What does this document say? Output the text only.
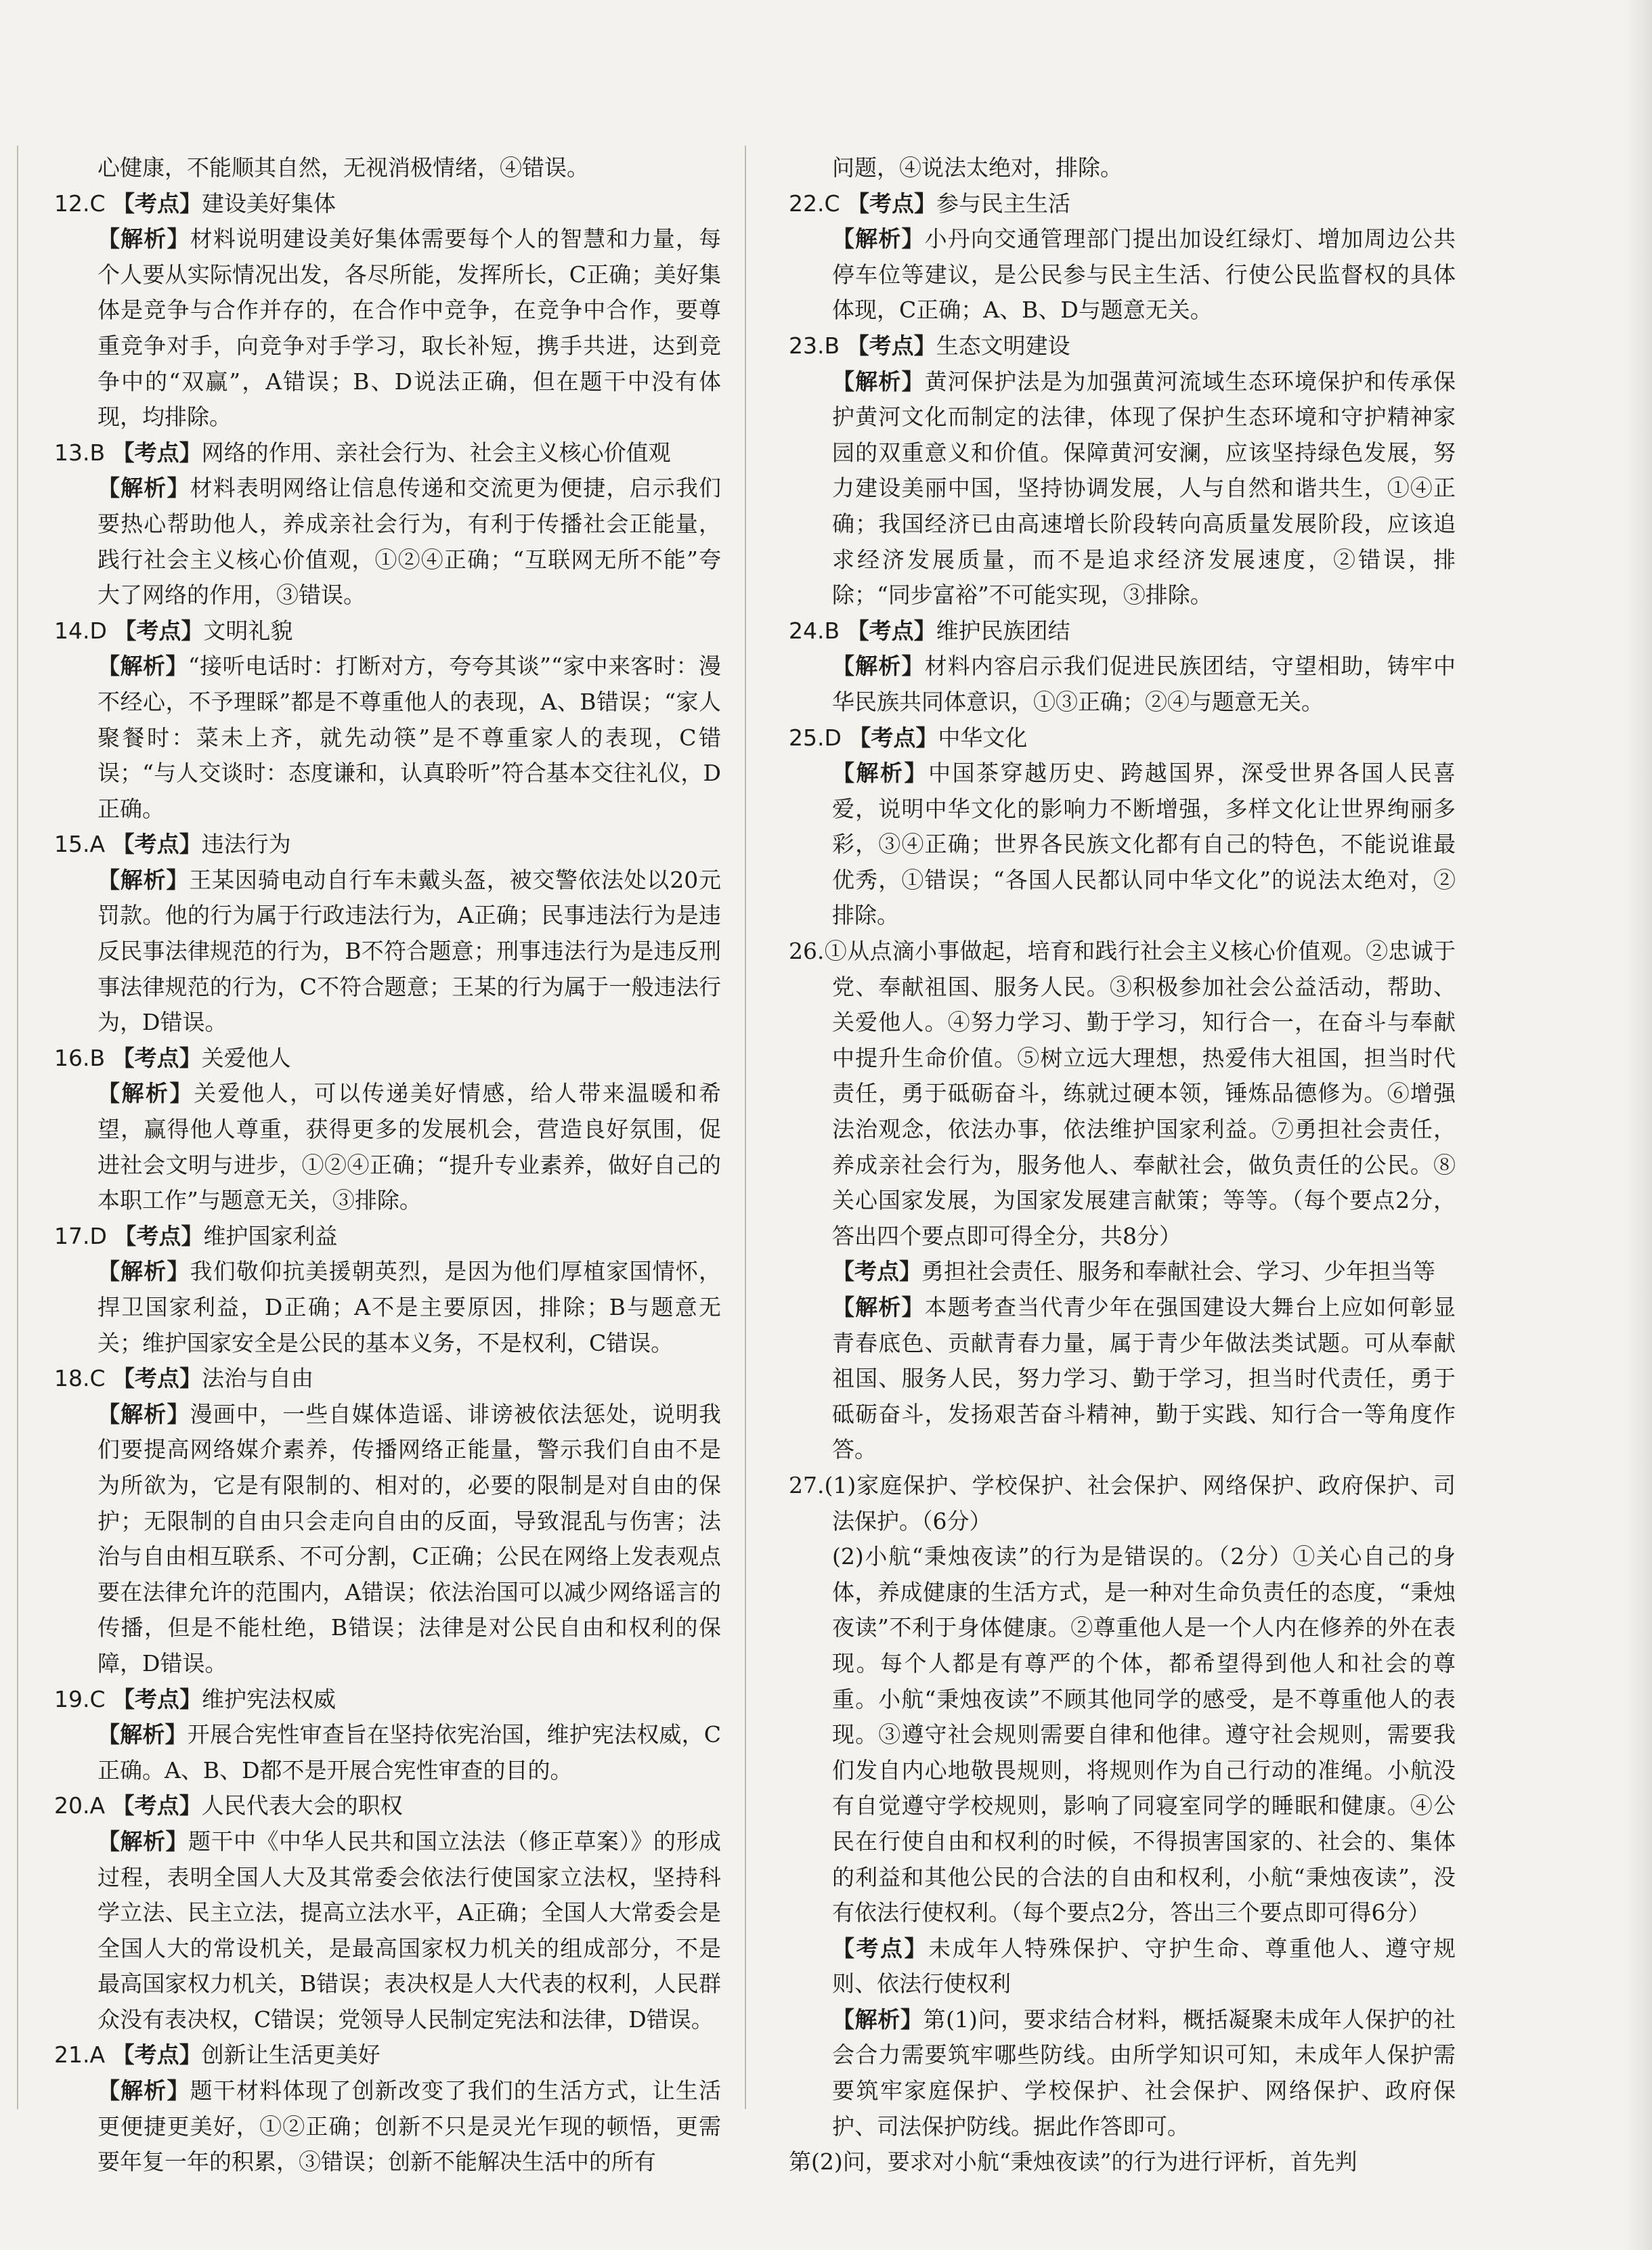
心健康，不能顺其自然，无视消极情绪，④错误。

12.C 【考点】建设美好集体

【解析】材料说明建设美好集体需要每个人的智慧和力量，每个人要从实际情况出发，各尽所能，发挥所长，C正确；美好集体是竞争与合作并存的，在合作中竞争，在竞争中合作，要尊重竞争对手，向竞争对手学习，取长补短，携手共进，达到竞争中的“双赢”，A错误；B、D说法正确，但在题干中没有体现，均排除。

13.B 【考点】网络的作用、亲社会行为、社会主义核心价值观

【解析】材料表明网络让信息传递和交流更为便捷，启示我们要热心帮助他人，养成亲社会行为，有利于传播社会正能量，践行社会主义核心价值观，①②④正确；“互联网无所不能”夸大了网络的作用，③错误。

14.D 【考点】文明礼貌

【解析】“接听电话时：打断对方，夸夸其谈”“家中来客时：漫不经心，不予理睬”都是不尊重他人的表现，A、B错误；“家人聚餐时：菜未上齐，就先动筷”是不尊重家人的表现，C错误；“与人交谈时：态度谦和，认真聆听”符合基本交往礼仪，D正确。

15.A 【考点】违法行为

【解析】王某因骑电动自行车未戴头盔，被交警依法处以20元罚款。他的行为属于行政违法行为，A正确；民事违法行为是违反民事法律规范的行为，B不符合题意；刑事违法行为是违反刑事法律规范的行为，C不符合题意；王某的行为属于一般违法行为，D错误。

16.B 【考点】关爱他人

【解析】关爱他人，可以传递美好情感，给人带来温暖和希望，赢得他人尊重，获得更多的发展机会，营造良好氛围，促进社会文明与进步，①②④正确；“提升专业素养，做好自己的本职工作”与题意无关，③排除。

17.D 【考点】维护国家利益

【解析】我们敬仰抗美援朝英烈，是因为他们厚植家国情怀，捍卫国家利益，D正确；A不是主要原因，排除；B与题意无关；维护国家安全是公民的基本义务，不是权利，C错误。

18.C 【考点】法治与自由

【解析】漫画中，一些自媒体造谣、诽谤被依法惩处，说明我们要提高网络媒介素养，传播网络正能量，警示我们自由不是为所欲为，它是有限制的、相对的，必要的限制是对自由的保护；无限制的自由只会走向自由的反面，导致混乱与伤害；法治与自由相互联系、不可分割，C正确；公民在网络上发表观点要在法律允许的范围内，A错误；依法治国可以减少网络谣言的传播，但是不能杜绝，B错误；法律是对公民自由和权利的保障，D错误。

19.C 【考点】维护宪法权威

【解析】开展合宪性审查旨在坚持依宪治国，维护宪法权威，C正确。A、B、D都不是开展合宪性审查的目的。

20.A 【考点】人民代表大会的职权

【解析】题干中《中华人民共和国立法法（修正草案）》的形成过程，表明全国人大及其常委会依法行使国家立法权，坚持科学立法、民主立法，提高立法水平，A正确；全国人大常委会是全国人大的常设机关，是最高国家权力机关的组成部分，不是最高国家权力机关，B错误；表决权是人大代表的权利，人民群众没有表决权，C错误；党领导人民制定宪法和法律，D错误。

21.A 【考点】创新让生活更美好

【解析】题干材料体现了创新改变了我们的生活方式，让生活更便捷更美好，①②正确；创新不只是灵光乍现的顿悟，更需要年复一年的积累，③错误；创新不能解决生活中的所有

问题，④说法太绝对，排除。

22.C 【考点】参与民主生活

【解析】小丹向交通管理部门提出加设红绿灯、增加周边公共停车位等建议，是公民参与民主生活、行使公民监督权的具体体现，C正确；A、B、D与题意无关。

23.B 【考点】生态文明建设

【解析】黄河保护法是为加强黄河流域生态环境保护和传承保护黄河文化而制定的法律，体现了保护生态环境和守护精神家园的双重意义和价值。保障黄河安澜，应该坚持绿色发展，努力建设美丽中国，坚持协调发展，人与自然和谐共生，①④正确；我国经济已由高速增长阶段转向高质量发展阶段，应该追求经济发展质量，而不是追求经济发展速度，②错误，排除；“同步富裕”不可能实现，③排除。

24.B 【考点】维护民族团结

【解析】材料内容启示我们促进民族团结，守望相助，铸牢中华民族共同体意识，①③正确；②④与题意无关。

25.D 【考点】中华文化

【解析】中国茶穿越历史、跨越国界，深受世界各国人民喜爱，说明中华文化的影响力不断增强，多样文化让世界绚丽多彩，③④正确；世界各民族文化都有自己的特色，不能说谁最优秀，①错误；“各国人民都认同中华文化”的说法太绝对，②排除。

26.①从点滴小事做起，培育和践行社会主义核心价值观。②忠诚于党、奉献祖国、服务人民。③积极参加社会公益活动，帮助、关爱他人。④努力学习、勤于学习，知行合一，在奋斗与奉献中提升生命价值。⑤树立远大理想，热爱伟大祖国，担当时代责任，勇于砥砺奋斗，练就过硬本领，锤炼品德修为。⑥增强法治观念，依法办事，依法维护国家利益。⑦勇担社会责任，养成亲社会行为，服务他人、奉献社会，做负责任的公民。⑧关心国家发展，为国家发展建言献策；等等。（每个要点2分，答出四个要点即可得全分，共8分）

【考点】勇担社会责任、服务和奉献社会、学习、少年担当等

【解析】本题考查当代青少年在强国建设大舞台上应如何彰显青春底色、贡献青春力量，属于青少年做法类试题。可从奉献祖国、服务人民，努力学习、勤于学习，担当时代责任，勇于砥砺奋斗，发扬艰苦奋斗精神，勤于实践、知行合一等角度作答。

27.(1)家庭保护、学校保护、社会保护、网络保护、政府保护、司法保护。（6分）

(2)小航“秉烛夜读”的行为是错误的。（2分）①关心自己的身体，养成健康的生活方式，是一种对生命负责任的态度，“秉烛夜读”不利于身体健康。②尊重他人是一个人内在修养的外在表现。每个人都是有尊严的个体，都希望得到他人和社会的尊重。小航“秉烛夜读”不顾其他同学的感受，是不尊重他人的表现。③遵守社会规则需要自律和他律。遵守社会规则，需要我们发自内心地敬畏规则，将规则作为自己行动的准绳。小航没有自觉遵守学校规则，影响了同寝室同学的睡眠和健康。④公民在行使自由和权利的时候，不得损害国家的、社会的、集体的利益和其他公民的合法的自由和权利，小航“秉烛夜读”，没有依法行使权利。（每个要点2分，答出三个要点即可得6分）

【考点】未成年人特殊保护、守护生命、尊重他人、遵守规则、依法行使权利

【解析】第(1)问，要求结合材料，概括凝聚未成年人保护的社会合力需要筑牢哪些防线。由所学知识可知，未成年人保护需要筑牢家庭保护、学校保护、社会保护、网络保护、政府保护、司法保护防线。据此作答即可。

第(2)问，要求对小航“秉烛夜读”的行为进行评析，首先判
